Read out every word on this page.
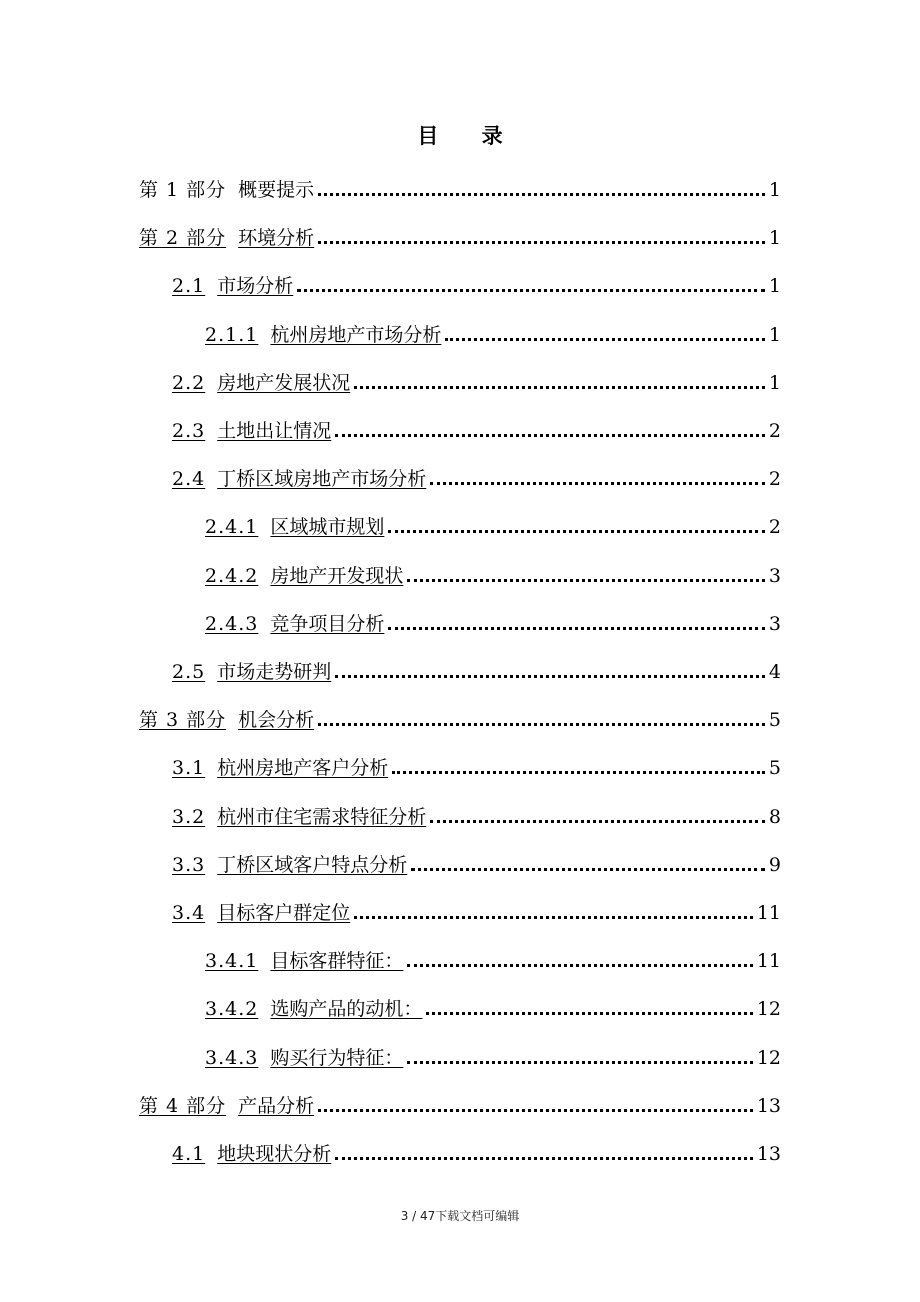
目 录
第 1 部分 概要提示	1
第 2 部分 环境分析	1
2.1 市场分析	1
2.1.1 杭州房地产市场分析	1
2.2 房地产发展状况	1
2.3 土地出让情况	2
2.4 丁桥区域房地产市场分析	2
2.4.1 区域城市规划	2
2.4.2 房地产开发现状	3
2.4.3 竞争项目分析	3
2.5 市场走势研判	4
第 3 部分 机会分析	5
3.1 杭州房地产客户分析	5
3.2 杭州市住宅需求特征分析	8
3.3 丁桥区域客户特点分析	9
3.4 目标客户群定位	11
3.4.1 目标客群特征：	11
3.4.2 选购产品的动机：	12
3.4.3 购买行为特征：	12
第 4 部分 产品分析	13
4.1 地块现状分析	13
3 / 47下载文档可编辑
